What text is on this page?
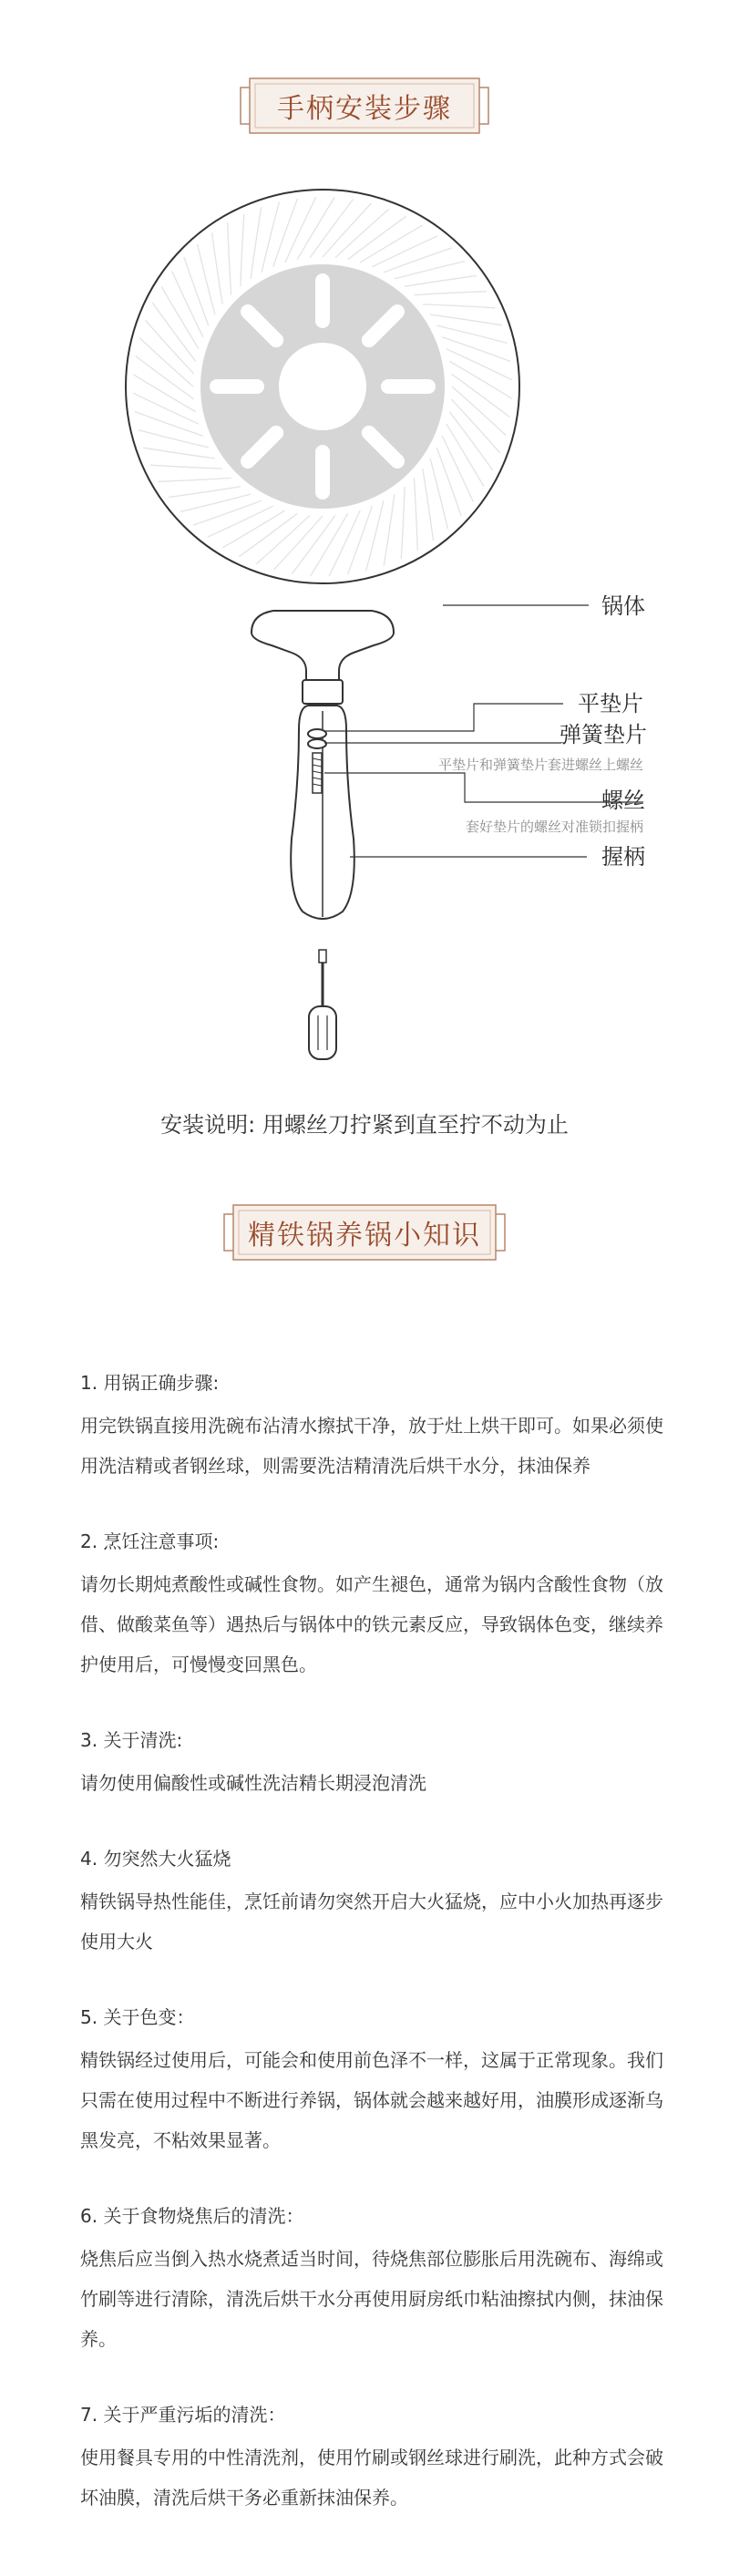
手柄安装步骤
锅体
平垫片
弹簧垫片
平垫片和弹簧垫片套进螺丝上螺丝
螺丝
套好垫片的螺丝对准锁扣握柄
握柄
安装说明: 用螺丝刀拧紧到直至拧不动为止
精铁锅养锅小知识
1. 用锅正确步骤:
用完铁锅直接用洗碗布沾清水擦拭干净，放于灶上烘干即可。如果必须使用洗洁精或者钢丝球，则需要洗洁精清洗后烘干水分，抹油保养
2. 烹饪注意事项:
请勿长期炖煮酸性或碱性食物。如产生褪色，通常为锅内含酸性食物（放借、做酸菜鱼等）遇热后与锅体中的铁元素反应，导致锅体色变，继续养护使用后，可慢慢变回黑色。
3. 关于清洗:
请勿使用偏酸性或碱性洗洁精长期浸泡清洗
4. 勿突然大火猛烧
精铁锅导热性能佳，烹饪前请勿突然开启大火猛烧，应中小火加热再逐步使用大火
5. 关于色变：
精铁锅经过使用后，可能会和使用前色泽不一样，这属于正常现象。我们只需在使用过程中不断进行养锅，锅体就会越来越好用，油膜形成逐渐乌黑发亮，不粘效果显著。
6. 关于食物烧焦后的清洗：
烧焦后应当倒入热水烧煮适当时间，待烧焦部位膨胀后用洗碗布、海绵或竹刷等进行清除，清洗后烘干水分再使用厨房纸巾粘油擦拭内侧，抹油保养。
7. 关于严重污垢的清洗：
使用餐具专用的中性清洗剂，使用竹刷或钢丝球进行刷洗，此种方式会破坏油膜，清洗后烘干务必重新抹油保养。
